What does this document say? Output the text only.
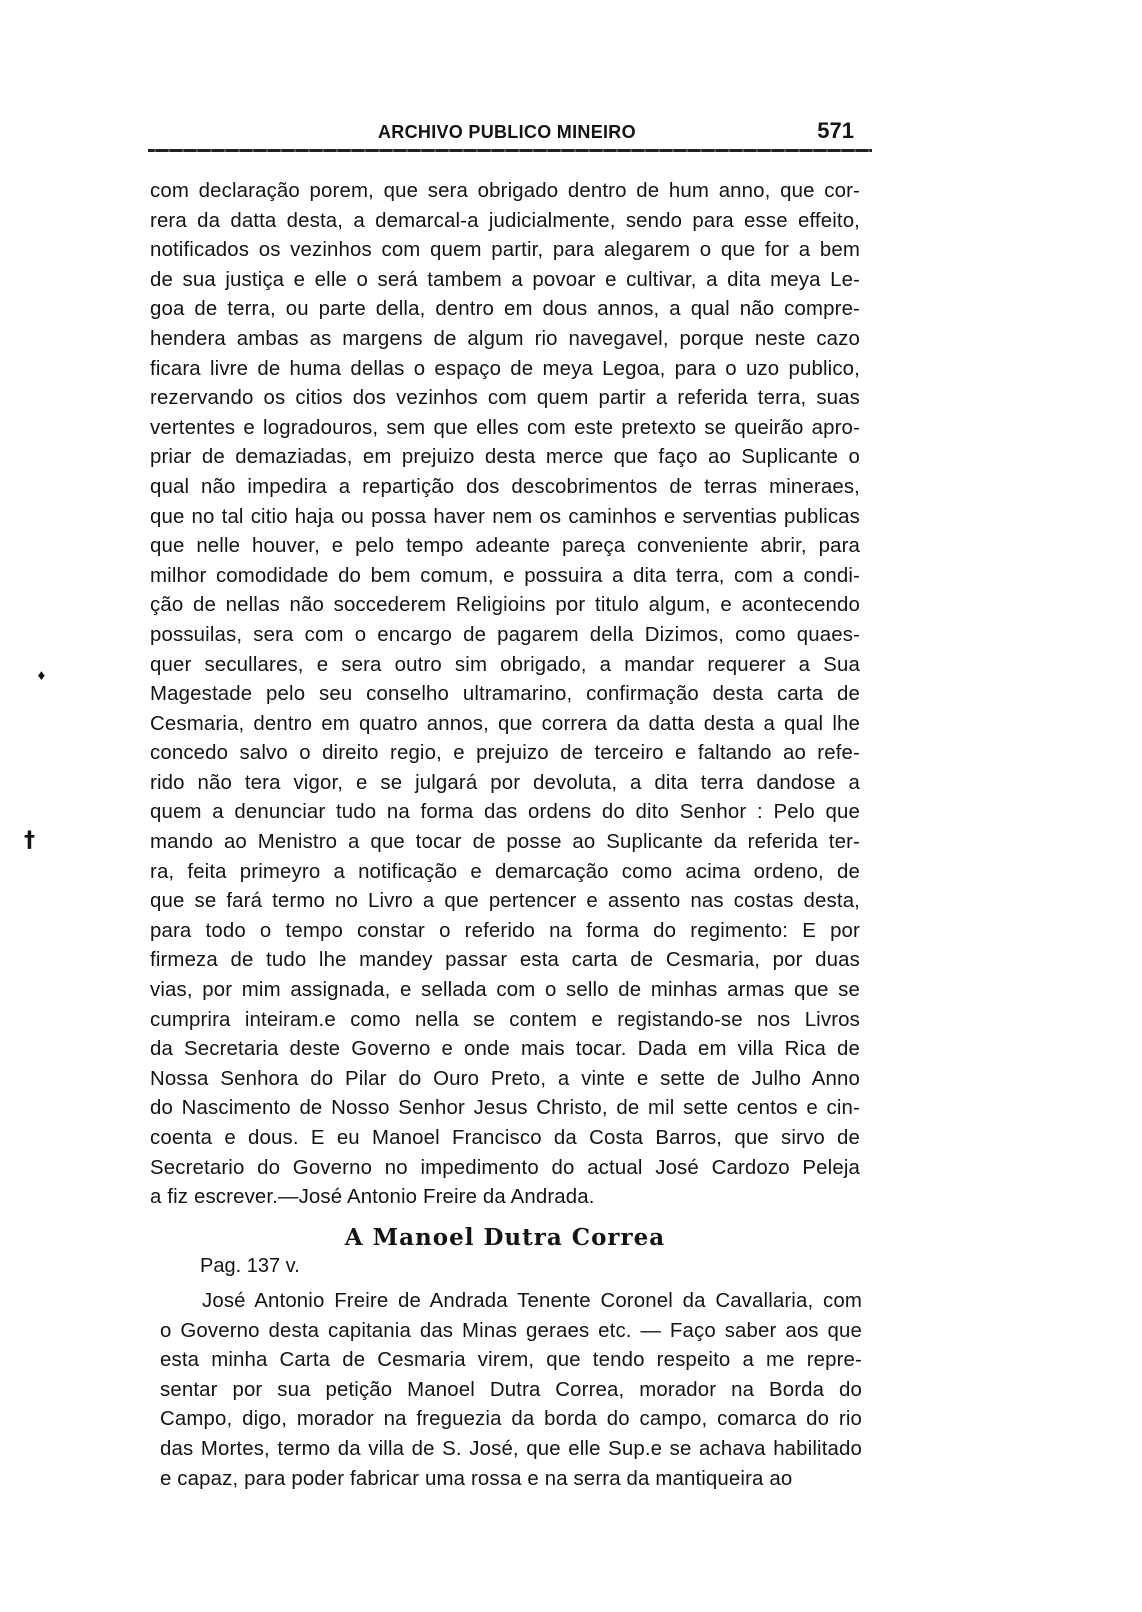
ARCHIVO PUBLICO MINEIRO	571
♦
†
com declaração porem, que sera obrigado dentro de hum anno, que cor-
rera da datta desta, a demarcal-a judicialmente, sendo para esse effeito,
notificados os vezinhos com quem partir, para alegarem o que for a bem
de sua justiça e elle o será tambem a povoar e cultivar, a dita meya Le-
goa de terra, ou parte della, dentro em dous annos, a qual não compre-
hendera ambas as margens de algum rio navegavel, porque neste cazo
ficara livre de huma dellas o espaço de meya Legoa, para o uzo publico,
rezervando os citios dos vezinhos com quem partir a referida terra, suas
vertentes e logradouros, sem que elles com este pretexto se queirão apro-
priar de demaziadas, em prejuizo desta merce que faço ao Suplicante o
qual não impedira a repartição dos descobrimentos de terras mineraes,
que no tal citio haja ou possa haver nem os caminhos e serventias publicas
que nelle houver, e pelo tempo adeante pareça conveniente abrir, para
milhor comodidade do bem comum, e possuira a dita terra, com a condi-
ção de nellas não soccederem Religioins por titulo algum, e acontecendo
possuilas, sera com o encargo de pagarem della Dizimos, como quaes-
quer secullares, e sera outro sim obrigado, a mandar requerer a Sua
Magestade pelo seu conselho ultramarino, confirmação desta carta de
Cesmaria, dentro em quatro annos, que correra da datta desta a qual lhe
concedo salvo o direito regio, e prejuizo de terceiro e faltando ao refe-
rido não tera vigor, e se julgará por devoluta, a dita terra dandose a
quem a denunciar tudo na forma das ordens do dito Senhor : Pelo que
mando ao Menistro a que tocar de posse ao Suplicante da referida ter-
ra, feita primeyro a notificação e demarcação como acima ordeno, de
que se fará termo no Livro a que pertencer e assento nas costas desta,
para todo o tempo constar o referido na forma do regimento: E por
firmeza de tudo lhe mandey passar esta carta de Cesmaria, por duas
vias, por mim assignada, e sellada com o sello de minhas armas que se
cumprira inteiram.e como nella se contem e registando-se nos Livros
da Secretaria deste Governo e onde mais tocar. Dada em villa Rica de
Nossa Senhora do Pilar do Ouro Preto, a vinte e sette de Julho Anno
do Nascimento de Nosso Senhor Jesus Christo, de mil sette centos e cin-
coenta e dous. E eu Manoel Francisco da Costa Barros, que sirvo de
Secretario do Governo no impedimento do actual José Cardozo Peleja
a fiz escrever.—José Antonio Freire da Andrada.
A Manoel Dutra Correa
Pag. 137 v.
José Antonio Freire de Andrada Tenente Coronel da Cavallaria, com
o Governo desta capitania das Minas geraes etc. — Faço saber aos que
esta minha Carta de Cesmaria virem, que tendo respeito a me repre-
sentar por sua petição Manoel Dutra Correa, morador na Borda do
Campo, digo, morador na freguezia da borda do campo, comarca do rio
das Mortes, termo da villa de S. José, que elle Sup.e se achava habilitado
e capaz, para poder fabricar uma rossa e na serra da mantiqueira ao
